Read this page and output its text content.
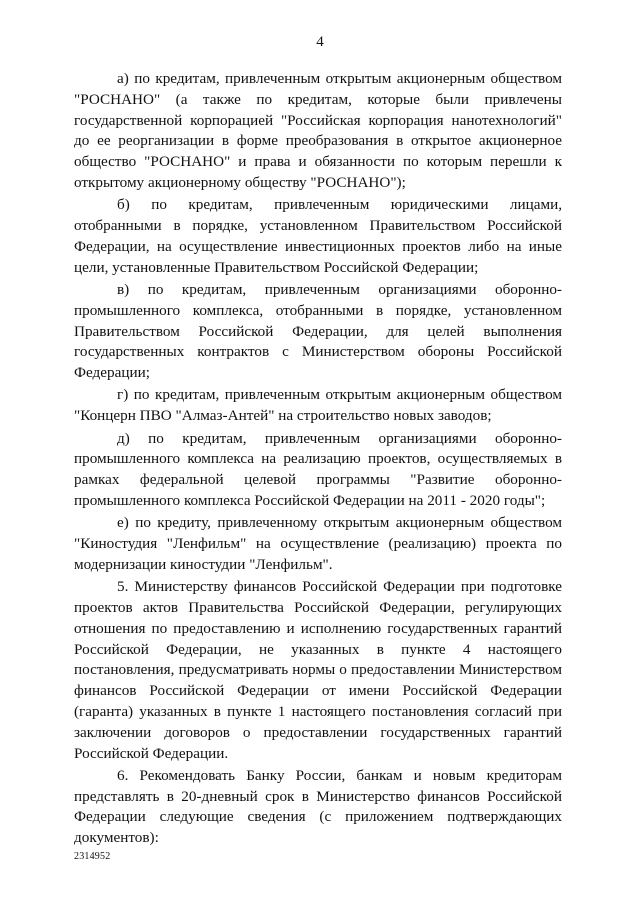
4

а) по кредитам, привлеченным открытым акционерным обществом "РОСНАНО" (а также по кредитам, которые были привлечены государственной корпорацией "Российская корпорация нанотехнологий" до ее реорганизации в форме преобразования в открытое акционерное общество "РОСНАНО" и права и обязанности по которым перешли к открытому акционерному обществу "РОСНАНО");

б) по кредитам, привлеченным юридическими лицами, отобранными в порядке, установленном Правительством Российской Федерации, на осуществление инвестиционных проектов либо на иные цели, установленные Правительством Российской Федерации;

в) по кредитам, привлеченным организациями оборонно-промышленного комплекса, отобранными в порядке, установленном Правительством Российской Федерации, для целей выполнения государственных контрактов с Министерством обороны Российской Федерации;

г) по кредитам, привлеченным открытым акционерным обществом "Концерн ПВО "Алмаз-Антей" на строительство новых заводов;

д) по кредитам, привлеченным организациями оборонно-промышленного комплекса на реализацию проектов, осуществляемых в рамках федеральной целевой программы "Развитие оборонно-промышленного комплекса Российской Федерации на 2011 - 2020 годы";

е) по кредиту, привлеченному открытым акционерным обществом "Киностудия "Ленфильм" на осуществление (реализацию) проекта по модернизации киностудии "Ленфильм".

5. Министерству финансов Российской Федерации при подготовке проектов актов Правительства Российской Федерации, регулирующих отношения по предоставлению и исполнению государственных гарантий Российской Федерации, не указанных в пункте 4 настоящего постановления, предусматривать нормы о предоставлении Министерством финансов Российской Федерации от имени Российской Федерации (гаранта) указанных в пункте 1 настоящего постановления согласий при заключении договоров о предоставлении государственных гарантий Российской Федерации.

6. Рекомендовать Банку России, банкам и новым кредиторам представлять в 20-дневный срок в Министерство финансов Российской Федерации следующие сведения (с приложением подтверждающих документов):

2314952
